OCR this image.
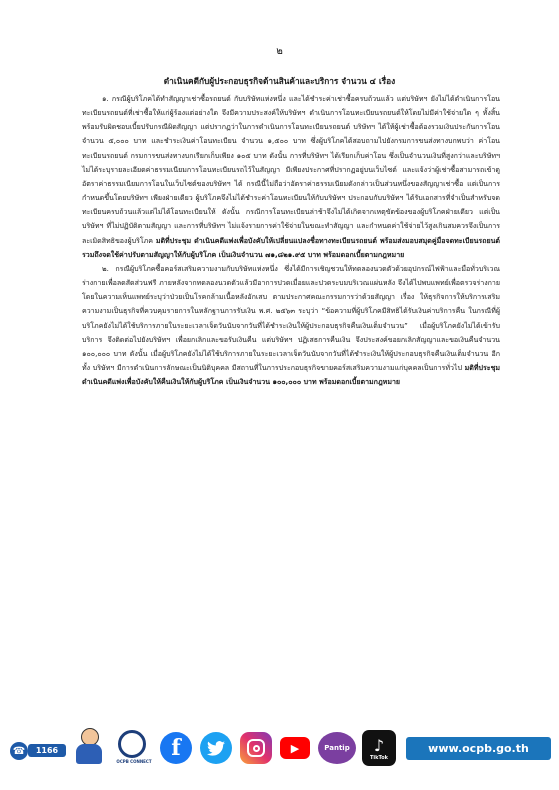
๒
ดำเนินคดีกับผู้ประกอบธุรกิจด้านสินค้าและบริการ จำนวน ๔ เรื่อง

๑. กรณีผู้บริโภคได้ทำสัญญาเช่าซื้อรถยนต์ กับบริษัทแห่งหนึ่ง และได้ชำระค่าเช่าซื้อครบถ้วนแล้ว แต่บริษัทฯ ยังไม่ได้ดำเนินการโอนทะเบียนรถยนต์ที่เช่าซื้อให้แก่ผู้ร้องแต่อย่างใด จึงมีความประสงค์ให้บริษัทฯ ดำเนินการโอนทะเบียนรถยนต์ให้โดยไม่มีค่าใช้จ่ายใด ๆ ทั้งสิ้น พร้อมรับผิดชอบเบี้ยปรับกรณีผิดสัญญา แต่ปรากฏว่าในการดำเนินการโอนทะเบียนรถยนต์ บริษัทฯ ได้ให้ผู้เช่าซื้อต้องรวมเงินประกันการโอน จำนวน ๕,๐๐๐ บาท และชำระเงินค่าโอนทะเบียน จำนวน ๑,๕๐๐ บาท ซึ่งผู้บริโภคได้สอบถามไปยังกรมการขนส่งทางบกพบว่า ค่าโอนทะเบียนรถยนต์ กรมการขนส่งทางบกเรียกเก็บเพียง ๑๐๕ บาท ดังนั้น การที่บริษัทฯ ได้เรียกเก็บค่าโอน ซึ่งเป็นจำนวนเงินที่สูงกว่าและบริษัทฯ ไม่ได้ระบุรายละเอียดค่าธรรมเนียมการโอนทะเบียนรถไว้ในสัญญา มีเพียงประกาศที่ปรากฏอยู่บนเว็บไซต์ และแจ้งว่าผู้เช่าซื้อสามารถเข้าดูอัตราค่าธรรมเนียมการโอนในเว็บไซต์ของบริษัทฯ ได้ กรณีนี้ไม่ถือว่าอัตราค่าธรรมเนียมดังกล่าวเป็นส่วนหนึ่งของสัญญาเช่าซื้อ แต่เป็นการกำหนดขึ้นโดยบริษัทฯ เพียงฝ่ายเดียว ผู้บริโภคจึงไม่ได้ชำระค่าโอนทะเบียนให้กับบริษัทฯ ประกอบกับบริษัทฯ ได้รับเอกสารที่จำเป็นสำหรับจดทะเบียนครบถ้วนแล้วแต่ไม่ได้โอนทะเบียนให้ ดังนั้น กรณีการโอนทะเบียนล่าช้าจึงไม่ได้เกิดจากเหตุขัดข้องของผู้บริโภคฝ่ายเดียว แต่เป็นบริษัทฯ ที่ไม่ปฏิบัติตามสัญญา และการที่บริษัทฯ ไม่แจ้งรายการค่าใช้จ่ายในขณะทำสัญญา และกำหนดค่าใช้จ่ายไว้สูงเกินสมควรจึงเป็นการละเมิดสิทธิของผู้บริโภค มติที่ประชุม ดำเนินคดีแพ่งเพื่อบังคับให้เปลี่ยนแปลงชื่อทางทะเบียนรถยนต์ พร้อมส่งมอบสมุดคู่มือจดทะเบียนรถยนต์ รวมถึงจดใช้ค่าปรับตามสัญญาให้กับผู้บริโภค เป็นเงินจำนวน ๗๑,๘๒๑.๙๕ บาท พร้อมดอกเบี้ยตามกฎหมาย

๒. กรณีผู้บริโภคซื้อคอร์สเสริมความงามกับบริษัทแห่งหนึ่ง ซึ่งได้มีการเชิญชวนให้ทดลองนวดตัวด้วยอุปกรณ์ไฟฟ้าและมือทั่วบริเวณร่างกายเพื่อลดสัดส่วนฟรี ภายหลังจากทดลองนวดตัวแล้วมีอาการปวดเมื่อยและปวดระบมบริเวณแผ่นหลัง จึงได้ไปพบแพทย์เพื่อตรวจร่างกาย โดยในความเห็นแพทย์ระบุว่าป่วยเป็นโรคกล้ามเนื้อหลังอักเสบ ตามประกาศคณะกรรมการว่าด้วยสัญญา เรื่อง ให้ธุรกิจการให้บริการเสริมความงามเป็นธุรกิจที่ควบคุมรายการในหลักฐานการรับเงิน พ.ศ. ๒๕๖๓ ระบุว่า “ข้อความที่ผู้บริโภคมีสิทธิได้รับเงินค่าบริการคืน ในกรณีที่ผู้บริโภคยังไม่ได้ใช้บริการภายในระยะเวลาเจ็ดวันนับจากวันที่ได้ชำระเงินให้ผู้ประกอบธุรกิจคืนเงินเต็มจำนวน” เมื่อผู้บริโภคยังไม่ได้เข้ารับบริการ จึงติดต่อไปยังบริษัทฯ เพื่อยกเลิกและขอรับเงินคืน แต่บริษัทฯ ปฏิเสธการคืนเงิน จึงประสงค์ขอยกเลิกสัญญาและขอเงินคืนจำนวน ๑๐๐,๐๐๐ บาท ดังนั้น เมื่อผู้บริโภคยังไม่ได้ใช้บริการภายในระยะเวลาเจ็ดวันนับจากวันที่ได้ชำระเงินให้ผู้ประกอบธุรกิจคืนเงินเต็มจำนวน อีกทั้ง บริษัทฯ มีการดำเนินการลักษณะเป็นนิติบุคคล มีสถานที่ในการประกอบธุรกิจขายคอร์สเสริมความงามแก่บุคคลเป็นการทั่วไป มติที่ประชุม ดำเนินคดีแพ่งเพื่อบังคับให้คืนเงินให้กับผู้บริโภค เป็นเงินจำนวน ๑๐๐,๐๐๐ บาท พร้อมดอกเบี้ยตามกฎหมาย

☎	1166
OCPB CONNECT
f	▶	Pantip	♪
TikTok
www.ocpb.go.th
